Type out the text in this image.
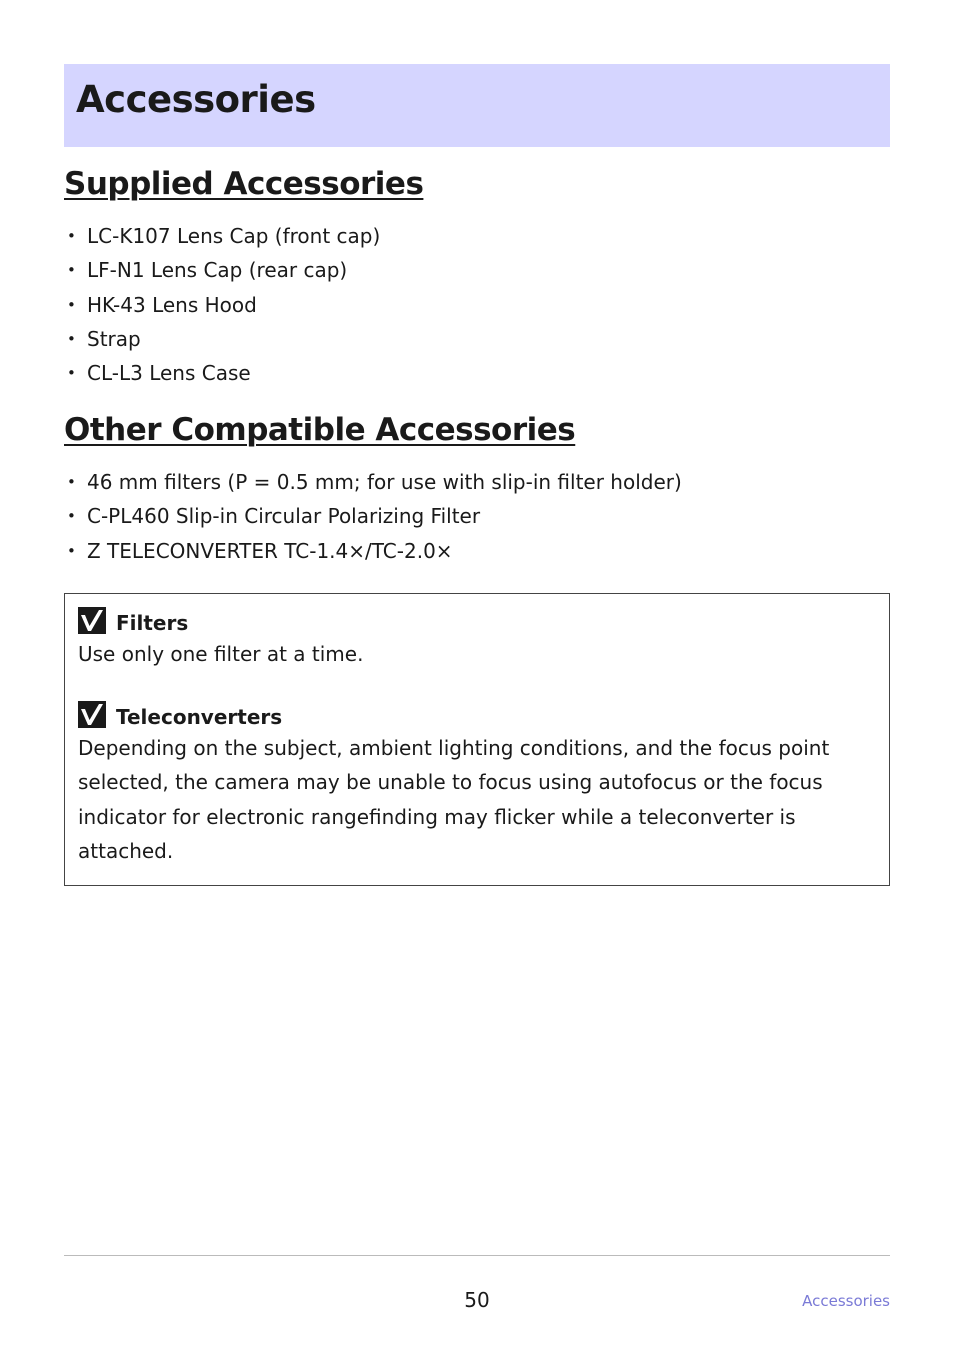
Accessories
Supplied Accessories
• LC-K107 Lens Cap (front cap)
• LF-N1 Lens Cap (rear cap)
• HK-43 Lens Hood
• Strap
• CL-L3 Lens Case
Other Compatible Accessories
• 46 mm filters (P = 0.5 mm; for use with slip-in filter holder)
• C-PL460 Slip-in Circular Polarizing Filter
• Z TELECONVERTER TC-1.4×/TC-2.0×
Filters

Use only one filter at a time.

Teleconverters

Depending on the subject, ambient lighting conditions, and the focus point selected, the camera may be unable to focus using autofocus or the focus indicator for electronic rangefinding may flicker while a teleconverter is attached.

50	Accessories
